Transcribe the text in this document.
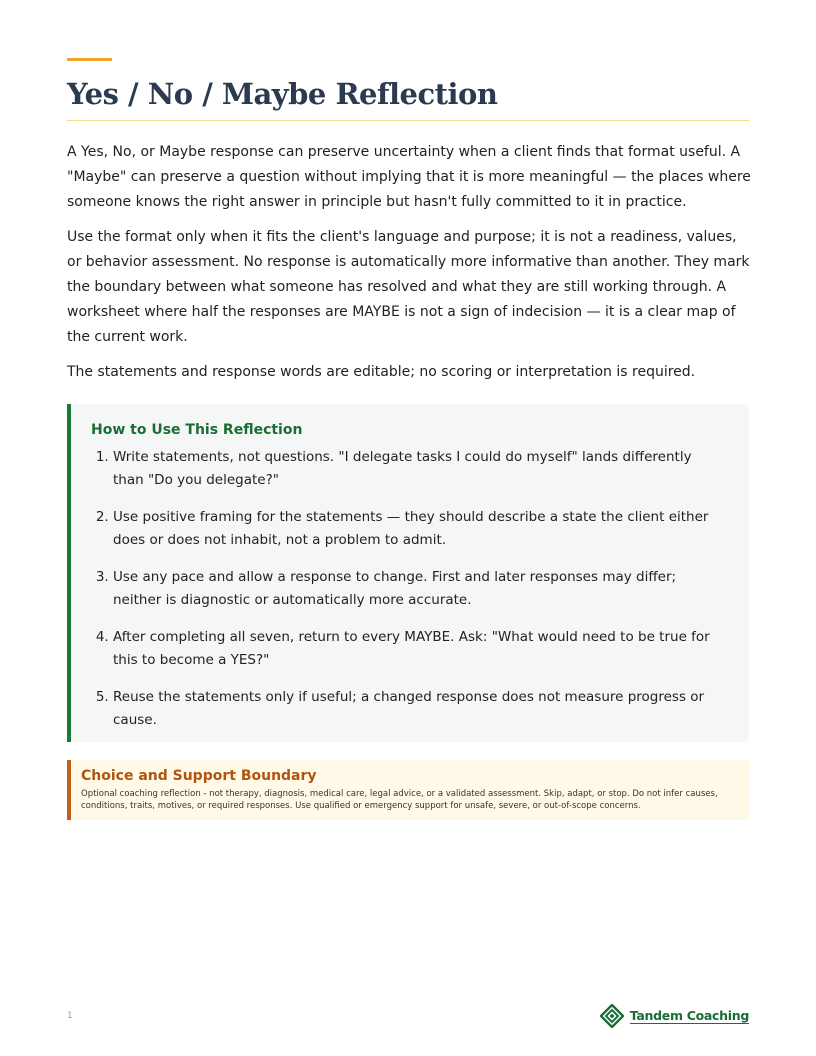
Yes / No / Maybe Reflection

A Yes, No, or Maybe response can preserve uncertainty when a client finds that format useful. A "Maybe" can preserve a question without implying that it is more meaningful — the places where someone knows the right answer in principle but hasn't fully committed to it in practice.

Use the format only when it fits the client's language and purpose; it is not a readiness, values, or behavior assessment. No response is automatically more informative than another. They mark the boundary between what someone has resolved and what they are still working through. A worksheet where half the responses are MAYBE is not a sign of indecision — it is a clear map of the current work.

The statements and response words are editable; no scoring or interpretation is required.

How to Use This Reflection
1. Write statements, not questions. "I delegate tasks I could do myself" lands differently than "Do you delegate?"
2. Use positive framing for the statements — they should describe a state the client either does or does not inhabit, not a problem to admit.
3. Use any pace and allow a response to change. First and later responses may differ; neither is diagnostic or automatically more accurate.
4. After completing all seven, return to every MAYBE. Ask: "What would need to be true for this to become a YES?"
5. Reuse the statements only if useful; a changed response does not measure progress or cause.
Choice and Support Boundary

Optional coaching reflection - not therapy, diagnosis, medical care, legal advice, or a validated assessment. Skip, adapt, or stop. Do not infer causes, conditions, traits, motives, or required responses. Use qualified or emergency support for unsafe, severe, or out-of-scope concerns.

1	Tandem Coaching
